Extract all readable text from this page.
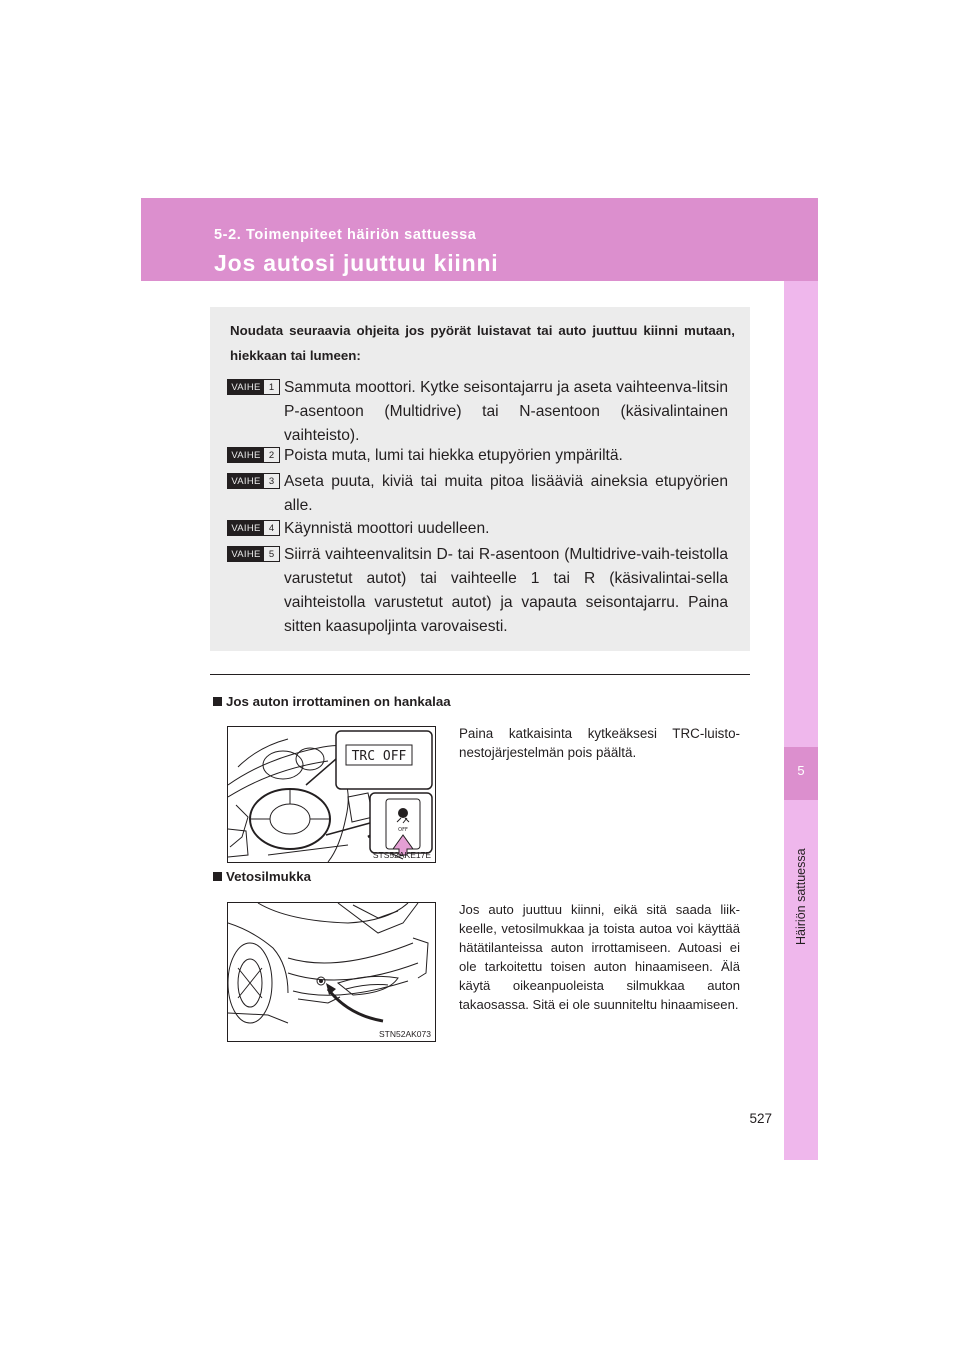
5-2. Toimenpiteet häiriön sattuessa
Jos autosi juuttuu kiinni
5
Häiriön sattuessa
Noudata seuraavia ohjeita jos pyörät luistavat tai auto juuttuu kiinni mutaan, hiekkaan tai lumeen:
VAIHE 1 Sammuta moottori. Kytke seisontajarru ja aseta vaihteenva-litsin P-asentoon (Multidrive) tai N-asentoon (käsivalintainen vaihteisto).
VAIHE 2 Poista muta, lumi tai hiekka etupyörien ympäriltä.
VAIHE 3 Aseta puuta, kiviä tai muita pitoa lisääviä aineksia etupyörien alle.
VAIHE 4 Käynnistä moottori uudelleen.
VAIHE 5 Siirrä vaihteenvalitsin D- tai R-asentoon (Multidrive-vaih-teistolla varustetut autot) tai vaihteelle 1 tai R (käsivalintai-sella vaihteistolla varustetut autot) ja vapauta seisontajarru. Paina sitten kaasupoljinta varovaisesti.
Jos auton irrottaminen on hankalaa
TRC OFF
OFF
STS52AKE17E
Paina katkaisinta kytkeäksesi TRC-luisto-nestojärjestelmän pois päältä.
Vetosilmukka
STN52AK073
Jos auto juuttuu kiinni, eikä sitä saada liik-keelle, vetosilmukkaa ja toista autoa voi käyttää hätätilanteissa auton irrottamiseen. Autoasi ei ole tarkoitettu toisen auton hinaamiseen. Älä käytä oikeanpuoleista silmukkaa auton takaosassa. Sitä ei ole suunniteltu hinaamiseen.
527
